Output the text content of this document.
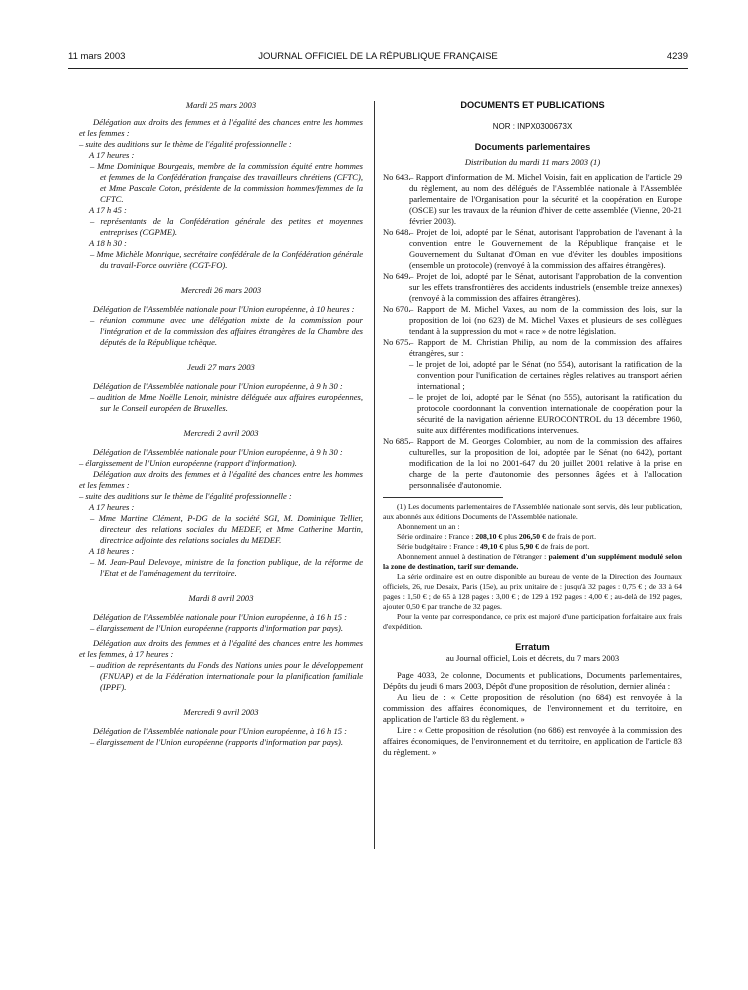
11 mars 2003	JOURNAL OFFICIEL DE LA RÉPUBLIQUE FRANÇAISE	4239

Mardi 25 mars 2003

Délégation aux droits des femmes et à l'égalité des chances entre les hommes et les femmes :

– suite des auditions sur le thème de l'égalité professionnelle :

A 17 heures :

– Mme Dominique Bourgeais, membre de la commission équité entre hommes et femmes de la Confédération française des travailleurs chrétiens (CFTC), et Mme Pascale Coton, présidente de la commission hommes/femmes de la CFTC.

A 17 h 45 :

– représentants de la Confédération générale des petites et moyennes entreprises (CGPME).

A 18 h 30 :

– Mme Michèle Monrique, secrétaire confédérale de la Confédération générale du travail-Force ouvrière (CGT-FO).

Mercredi 26 mars 2003

Délégation de l'Assemblée nationale pour l'Union européenne, à 10 heures :

– réunion commune avec une délégation mixte de la commission pour l'intégration et de la commission des affaires étrangères de la Chambre des députés de la République tchèque.

Jeudi 27 mars 2003

Délégation de l'Assemblée nationale pour l'Union européenne, à 9 h 30 :

– audition de Mme Noëlle Lenoir, ministre déléguée aux affaires européennes, sur le Conseil européen de Bruxelles.

Mercredi 2 avril 2003

Délégation de l'Assemblée nationale pour l'Union européenne, à 9 h 30 :

– élargissement de l'Union européenne (rapport d'information).

Délégation aux droits des femmes et à l'égalité des chances entre les hommes et les femmes :

– suite des auditions sur le thème de l'égalité professionnelle :

A 17 heures :

– Mme Martine Clément, P-DG de la société SGI, M. Dominique Tellier, directeur des relations sociales du MEDEF, et Mme Catherine Martin, directrice adjointe des relations sociales du MEDEF.

A 18 heures :

– M. Jean-Paul Delevoye, ministre de la fonction publique, de la réforme de l'Etat et de l'aménagement du territoire.

Mardi 8 avril 2003

Délégation de l'Assemblée nationale pour l'Union européenne, à 16 h 15 :

– élargissement de l'Union européenne (rapports d'information par pays).

Délégation aux droits des femmes et à l'égalité des chances entre les hommes et les femmes, à 17 heures :

– audition de représentants du Fonds des Nations unies pour le développement (FNUAP) et de la Fédération internationale pour la planification familiale (IPPF).

Mercredi 9 avril 2003

Délégation de l'Assemblée nationale pour l'Union européenne, à 16 h 15 :

– élargissement de l'Union européenne (rapports d'information par pays).

DOCUMENTS ET PUBLICATIONS

NOR : INPX0300673X

Documents parlementaires

Distribution du mardi 11 mars 2003 (1)

No 643.
– Rapport d'information de M. Michel Voisin, fait en application de l'article 29 du règlement, au nom des délégués de l'Assemblée nationale à l'Assemblée parlementaire de l'Organisation pour la sécurité et la coopération en Europe (OSCE) sur les travaux de la réunion d'hiver de cette assemblée (Vienne, 20-21 février 2003).
No 648.
– Projet de loi, adopté par le Sénat, autorisant l'approbation de l'avenant à la convention entre le Gouvernement de la République française et le Gouvernement du Sultanat d'Oman en vue d'éviter les doubles impositions (ensemble un protocole) (renvoyé à la commission des affaires étrangères).
No 649.
– Projet de loi, adopté par le Sénat, autorisant l'approbation de la convention sur les effets transfrontières des accidents industriels (ensemble treize annexes) (renvoyé à la commission des affaires étrangères).
No 670.
– Rapport de M. Michel Vaxes, au nom de la commission des lois, sur la proposition de loi (no 623) de M. Michel Vaxes et plusieurs de ses collègues tendant à la suppression du mot « race » de notre législation.
No 675.
– Rapport de M. Christian Philip, au nom de la commission des affaires étrangères, sur :

– le projet de loi, adopté par le Sénat (no 554), autorisant la ratification de la convention pour l'unification de certaines règles relatives au transport aérien international ;

– le projet de loi, adopté par le Sénat (no 555), autorisant la ratification du protocole coordonnant la convention internationale de coopération pour la sécurité de la navigation aérienne EUROCONTROL du 13 décembre 1960, suite aux différentes modifications intervenues.

No 685.
– Rapport de M. Georges Colombier, au nom de la commission des affaires culturelles, sur la proposition de loi, adoptée par le Sénat (no 642), portant modification de la loi no 2001-647 du 20 juillet 2001 relative à la prise en charge de la perte d'autonomie des personnes âgées et à l'allocation personnalisée d'autonomie.

(1) Les documents parlementaires de l'Assemblée nationale sont servis, dès leur publication, aux abonnés aux éditions Documents de l'Assemblée nationale.

Abonnement un an :

Série ordinaire : France : 208,10 € plus 206,50 € de frais de port.

Série budgétaire : France : 49,10 € plus 5,90 € de frais de port.

Abonnement annuel à destination de l'étranger : paiement d'un supplément modulé selon la zone de destination, tarif sur demande.

La série ordinaire est en outre disponible au bureau de vente de la Direction des Journaux officiels, 26, rue Desaix, Paris (15e), au prix unitaire de : jusqu'à 32 pages : 0,75 € ; de 33 à 64 pages : 1,50 € ; de 65 à 128 pages : 3,00 € ; de 129 à 192 pages : 4,00 € ; au-delà de 192 pages, ajouter 0,50 € par tranche de 32 pages.

Pour la vente par correspondance, ce prix est majoré d'une participation forfaitaire aux frais d'expédition.

Erratum

au Journal officiel, Lois et décrets, du 7 mars 2003

Page 4033, 2e colonne, Documents et publications, Documents parlementaires, Dépôts du jeudi 6 mars 2003, Dépôt d'une proposition de résolution, dernier alinéa :

Au lieu de : « Cette proposition de résolution (no 684) est renvoyée à la commission des affaires économiques, de l'environnement et du territoire, en application de l'article 83 du règlement. »

Lire : « Cette proposition de résolution (no 686) est renvoyée à la commission des affaires économiques, de l'environnement et du territoire, en application de l'article 83 du règlement. »
